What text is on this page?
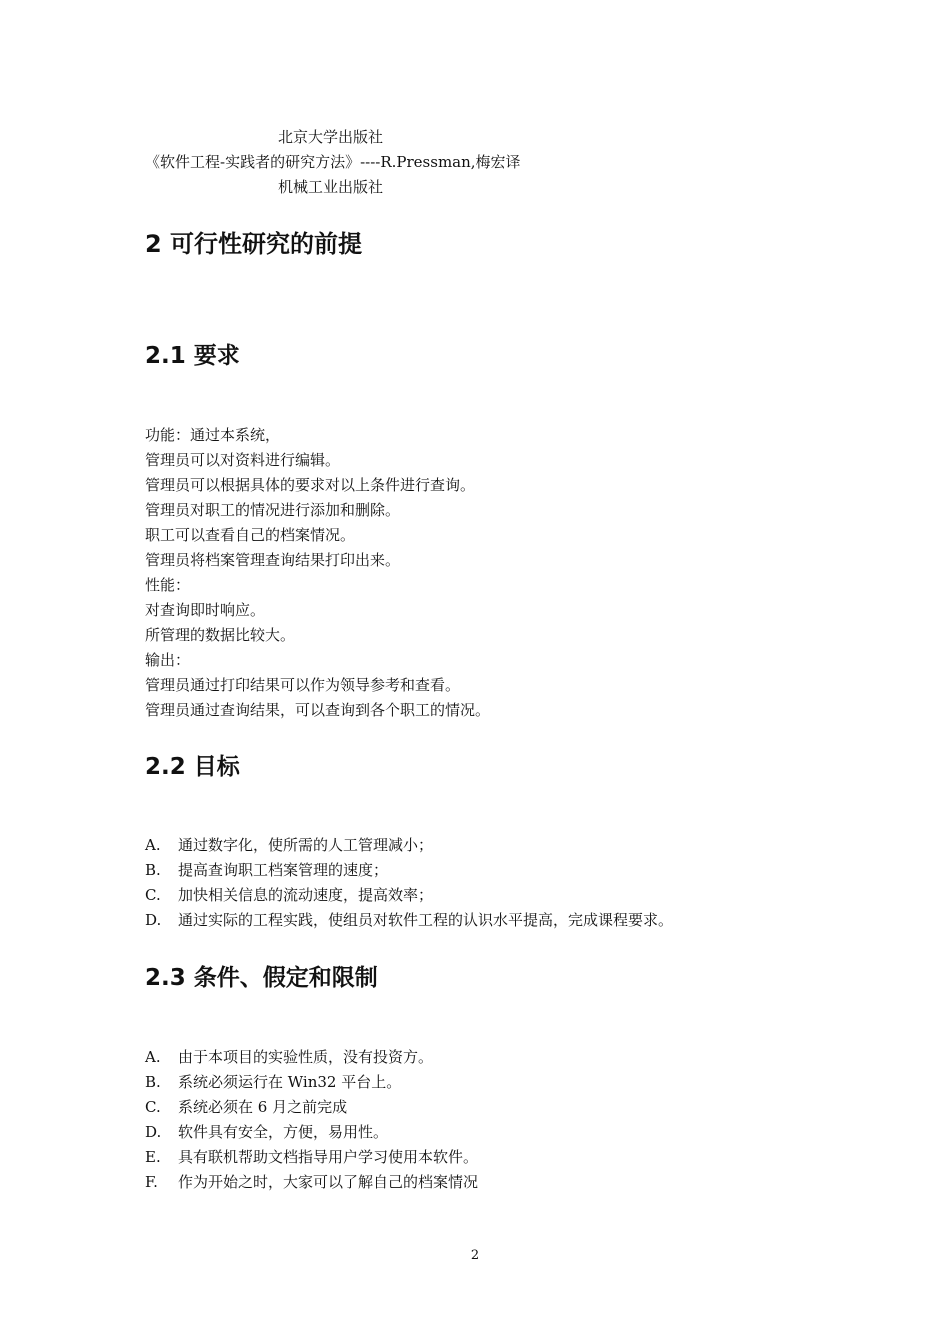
北京大学出版社
《软件工程-实践者的研究方法》----R.Pressman,梅宏译
机械工业出版社
2 可行性研究的前提
2.1 要求
功能：通过本系统，
管理员可以对资料进行编辑。
管理员可以根据具体的要求对以上条件进行查询。
管理员对职工的情况进行添加和删除。
职工可以查看自己的档案情况。
管理员将档案管理查询结果打印出来。
性能：
对查询即时响应。
所管理的数据比较大。
输出：
管理员通过打印结果可以作为领导参考和查看。
管理员通过查询结果，可以查询到各个职工的情况。
2.2 目标
A.	通过数字化，使所需的人工管理减小；
B.	提高查询职工档案管理的速度；
C.	加快相关信息的流动速度，提高效率；
D.	通过实际的工程实践，使组员对软件工程的认识水平提高，完成课程要求。
2.3 条件、假定和限制
A.	由于本项目的实验性质，没有投资方。
B.	系统必须运行在 Win32 平台上。
C.	系统必须在 6 月之前完成
D.	软件具有安全，方便，易用性。
E.	具有联机帮助文档指导用户学习使用本软件。
F.	作为开始之时，大家可以了解自己的档案情况
2
